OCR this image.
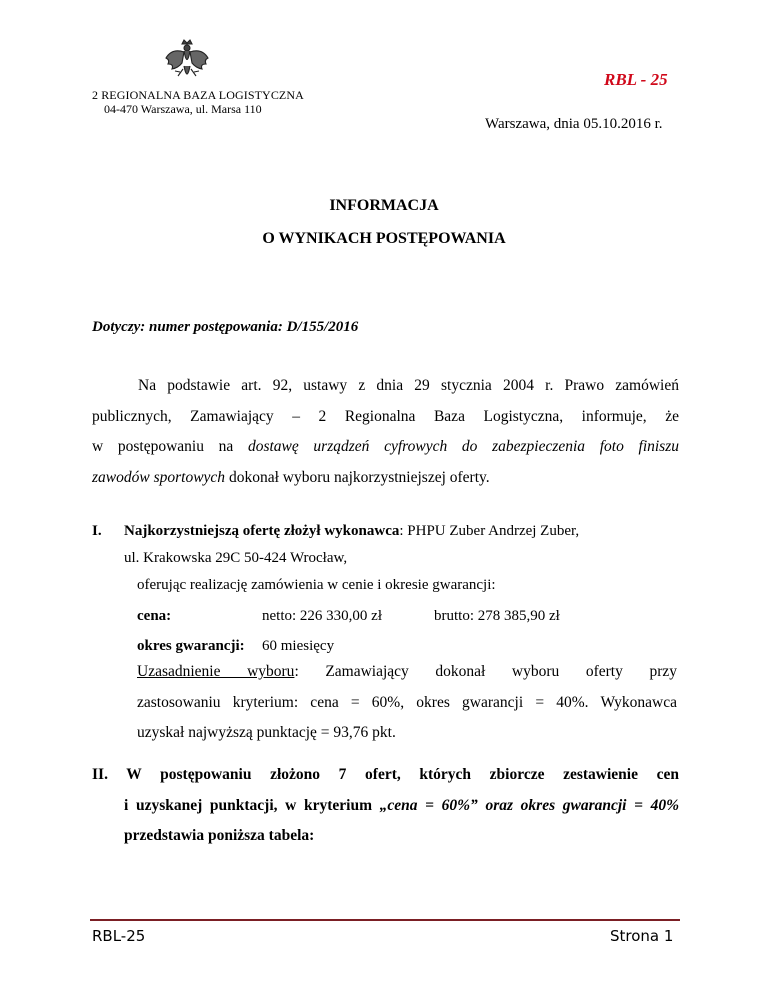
2 REGIONALNA BAZA LOGISTYCZNA
04-470 Warszawa, ul. Marsa 110
RBL - 25
Warszawa, dnia 05.10.2016 r.
INFORMACJA
O WYNIKACH POSTĘPOWANIA
Dotyczy: numer postępowania: D/155/2016

Na podstawie art. 92, ustawy z dnia 29 stycznia 2004 r. Prawo zamówień

publicznych, Zamawiający – 2 Regionalna Baza Logistyczna, informuje, że

w postępowaniu na dostawę urządzeń cyfrowych do zabezpieczenia foto finiszu

zawodów sportowych dokonał wyboru najkorzystniejszej oferty.

I. Najkorzystniejszą ofertę złożył wykonawca: PHPU Zuber Andrzej Zuber,
ul. Krakowska 29C 50-424 Wrocław,
oferując realizację zamówienia w cenie i okresie gwarancji:
cena:	netto: 226 330,00 zł	brutto: 278 385,90 zł
okres gwarancji: 60 miesięcy

Uzasadnienie wyboru: Zamawiający dokonał wyboru oferty przy

zastosowaniu kryterium: cena = 60%, okres gwarancji = 40%. Wykonawca

uzyskał najwyższą punktację = 93,76 pkt.

II. W postępowaniu złożono 7 ofert, których zbiorcze zestawienie cen

i uzyskanej punktacji, w kryterium „cena = 60%” oraz okres gwarancji = 40%

przedstawia poniższa tabela:

RBL-25	Strona 1
